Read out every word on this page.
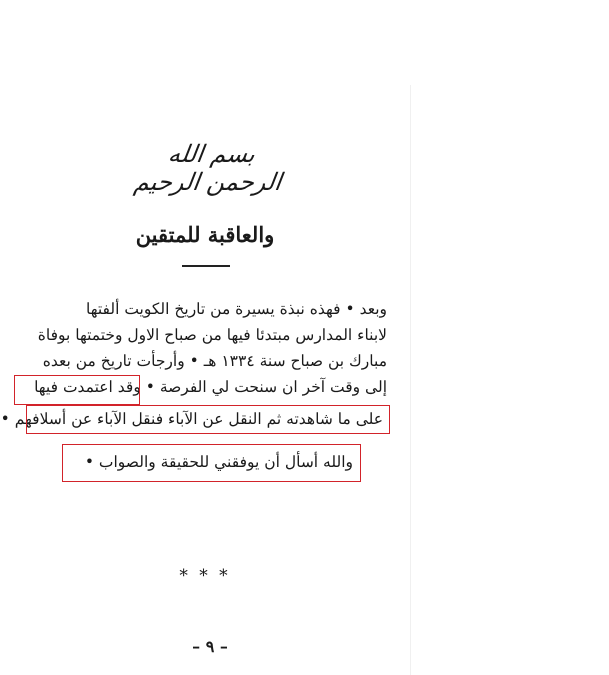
بسم الله الرحمن الرحيم
والعاقبة للمتقين
وبعد • فهذه نبذة يسيرة من تاريخ الكويت ألفتها
لابناء المدارس مبتدئا فيها من صباح الاول وختمتها بوفاة
مبارك بن صباح سنة ١٣٣٤ هـ • وأرجأت تاريخ من بعده
إلى وقت آخر ان سنحت لي الفرصة • وقد اعتمدت فيها
على ما شاهدته ثم النقل عن الآباء فنقل الآباء عن أسلافهم •
والله أسأل أن يوفقني للحقيقة والصواب •
* * *
– ٩ –
